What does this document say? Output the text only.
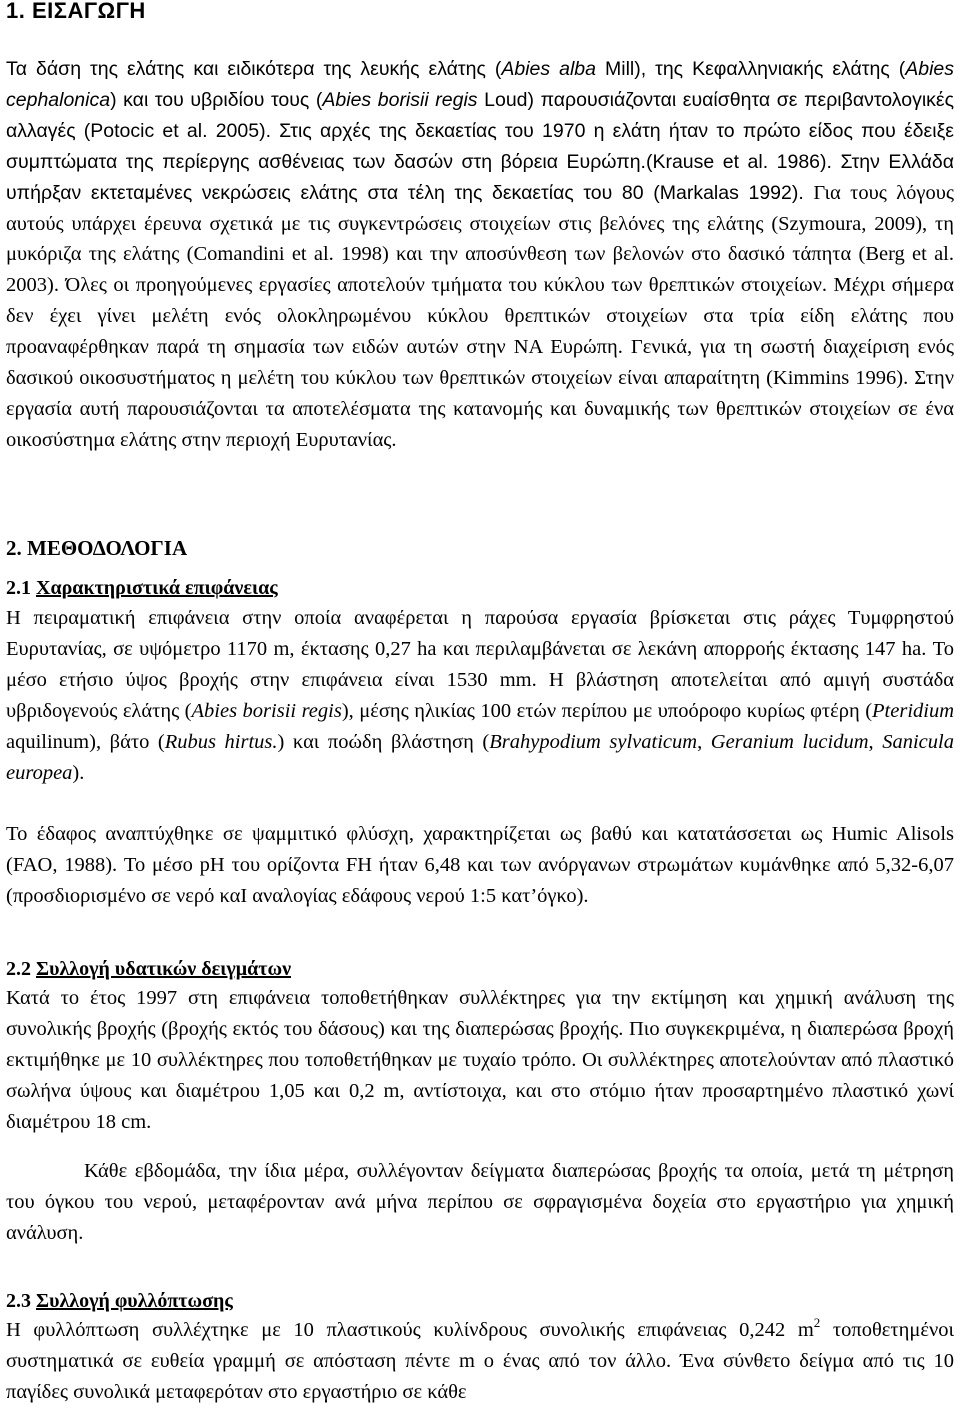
1. ΕΙΣΑΓΩΓΗ
Τα δάση της ελάτης και ειδικότερα της λευκής ελάτης (Abies alba Mill), της Κεφαλληνιακής ελάτης (Abies cephalonica) και του υβριδίου τους (Abies borisii regis Loud) παρουσιάζονται ευαίσθητα σε περιβαντολογικές αλλαγές (Potocic et al. 2005). Στις αρχές της δεκαετίας του 1970 η ελάτη ήταν το πρώτο είδος που έδειξε συμπτώματα της περίεργης ασθένειας των δασών στη βόρεια Ευρώπη.(Krause et al. 1986). Στην Ελλάδα υπήρξαν εκτεταμένες νεκρώσεις ελάτης στα τέλη της δεκαετίας του 80 (Markalas 1992). Για τους λόγους αυτούς υπάρχει έρευνα σχετικά με τις συγκεντρώσεις στοιχείων στις βελόνες της ελάτης (Szymoura, 2009), τη μυκόριζα της ελάτης (Comandini et al. 1998) και την αποσύνθεση των βελονών στο δασικό τάπητα (Berg et al. 2003). Όλες οι προηγούμενες εργασίες αποτελούν τμήματα του κύκλου των θρεπτικών στοιχείων. Μέχρι σήμερα δεν έχει γίνει μελέτη ενός ολοκληρωμένου κύκλου θρεπτικών στοιχείων στα τρία είδη ελάτης που προαναφέρθηκαν παρά τη σημασία των ειδών αυτών στην ΝΑ Ευρώπη. Γενικά, για τη σωστή διαχείριση ενός δασικού οικοσυστήματος η μελέτη του κύκλου των θρεπτικών στοιχείων είναι απαραίτητη (Kimmins 1996). Στην εργασία αυτή παρουσιάζονται τα αποτελέσματα της κατανομής και δυναμικής των θρεπτικών στοιχείων σε ένα οικοσύστημα ελάτης στην περιοχή Ευρυτανίας.
2. ΜΕΘΟΔΟΛΟΓΙΑ
2.1 Χαρακτηριστικά επιφάνειας
Η πειραματική επιφάνεια στην οποία αναφέρεται η παρούσα εργασία βρίσκεται στις ράχες Τυμφρηστού Ευρυτανίας, σε υψόμετρο 1170 m, έκτασης 0,27 ha και περιλαμβάνεται σε λεκάνη απορροής έκτασης 147 ha. Το μέσο ετήσιο ύψος βροχής στην επιφάνεια είναι 1530 mm. Η βλάστηση αποτελείται από αμιγή συστάδα υβριδογενούς ελάτης (Abies borisii regis), μέσης ηλικίας 100 ετών περίπου με υποόροφο κυρίως φτέρη (Pteridium aquilinum), βάτο (Rubus hirtus.) και ποώδη βλάστηση (Brahypodium sylvaticum, Geranium lucidum, Sanicula europea).
Το έδαφος αναπτύχθηκε σε ψαμμιτικό φλύσχη, χαρακτηρίζεται ως βαθύ και κατατάσσεται ως Humic Alisols (FAO, 1988). Το μέσο pH του ορίζοντα FH ήταν 6,48 και των ανόργανων στρωμάτων κυμάνθηκε από 5,32-6,07 (προσδιορισμένο σε νερό καΙ αναλογίας εδάφους νερού 1:5 κατ’όγκο).
2.2 Συλλογή υδατικών δειγμάτων
Κατά το έτος 1997 στη επιφάνεια τοποθετήθηκαν συλλέκτηρες για την εκτίμηση και χημική ανάλυση της συνολικής βροχής (βροχής εκτός του δάσους) και της διαπερώσας βροχής. Πιο συγκεκριμένα, η διαπερώσα βροχή εκτιμήθηκε με 10 συλλέκτηρες που τοποθετήθηκαν με τυχαίο τρόπο. Οι συλλέκτηρες αποτελούνταν από πλαστικό σωλήνα ύψους και διαμέτρου 1,05 και 0,2 m, αντίστοιχα, και στο στόμιο ήταν προσαρτημένο πλαστικό χωνί διαμέτρου 18 cm.
Κάθε εβδομάδα, την ίδια μέρα, συλλέγονταν δείγματα διαπερώσας βροχής τα οποία, μετά τη μέτρηση του όγκου του νερού, μεταφέρονταν ανά μήνα περίπου σε σφραγισμένα δοχεία στο εργαστήριο για χημική ανάλυση.
2.3 Συλλογή φυλλόπτωσης
Η φυλλόπτωση συλλέχτηκε με 10 πλαστικούς κυλίνδρους συνολικής επιφάνειας 0,242 $m^2$ τοποθετημένοι συστηματικά σε ευθεία γραμμή σε απόσταση πέντε m ο ένας από τον άλλο. Ένα σύνθετο δείγμα από τις 10 παγίδες συνολικά μεταφερόταν στο εργαστήριο σε κάθε
